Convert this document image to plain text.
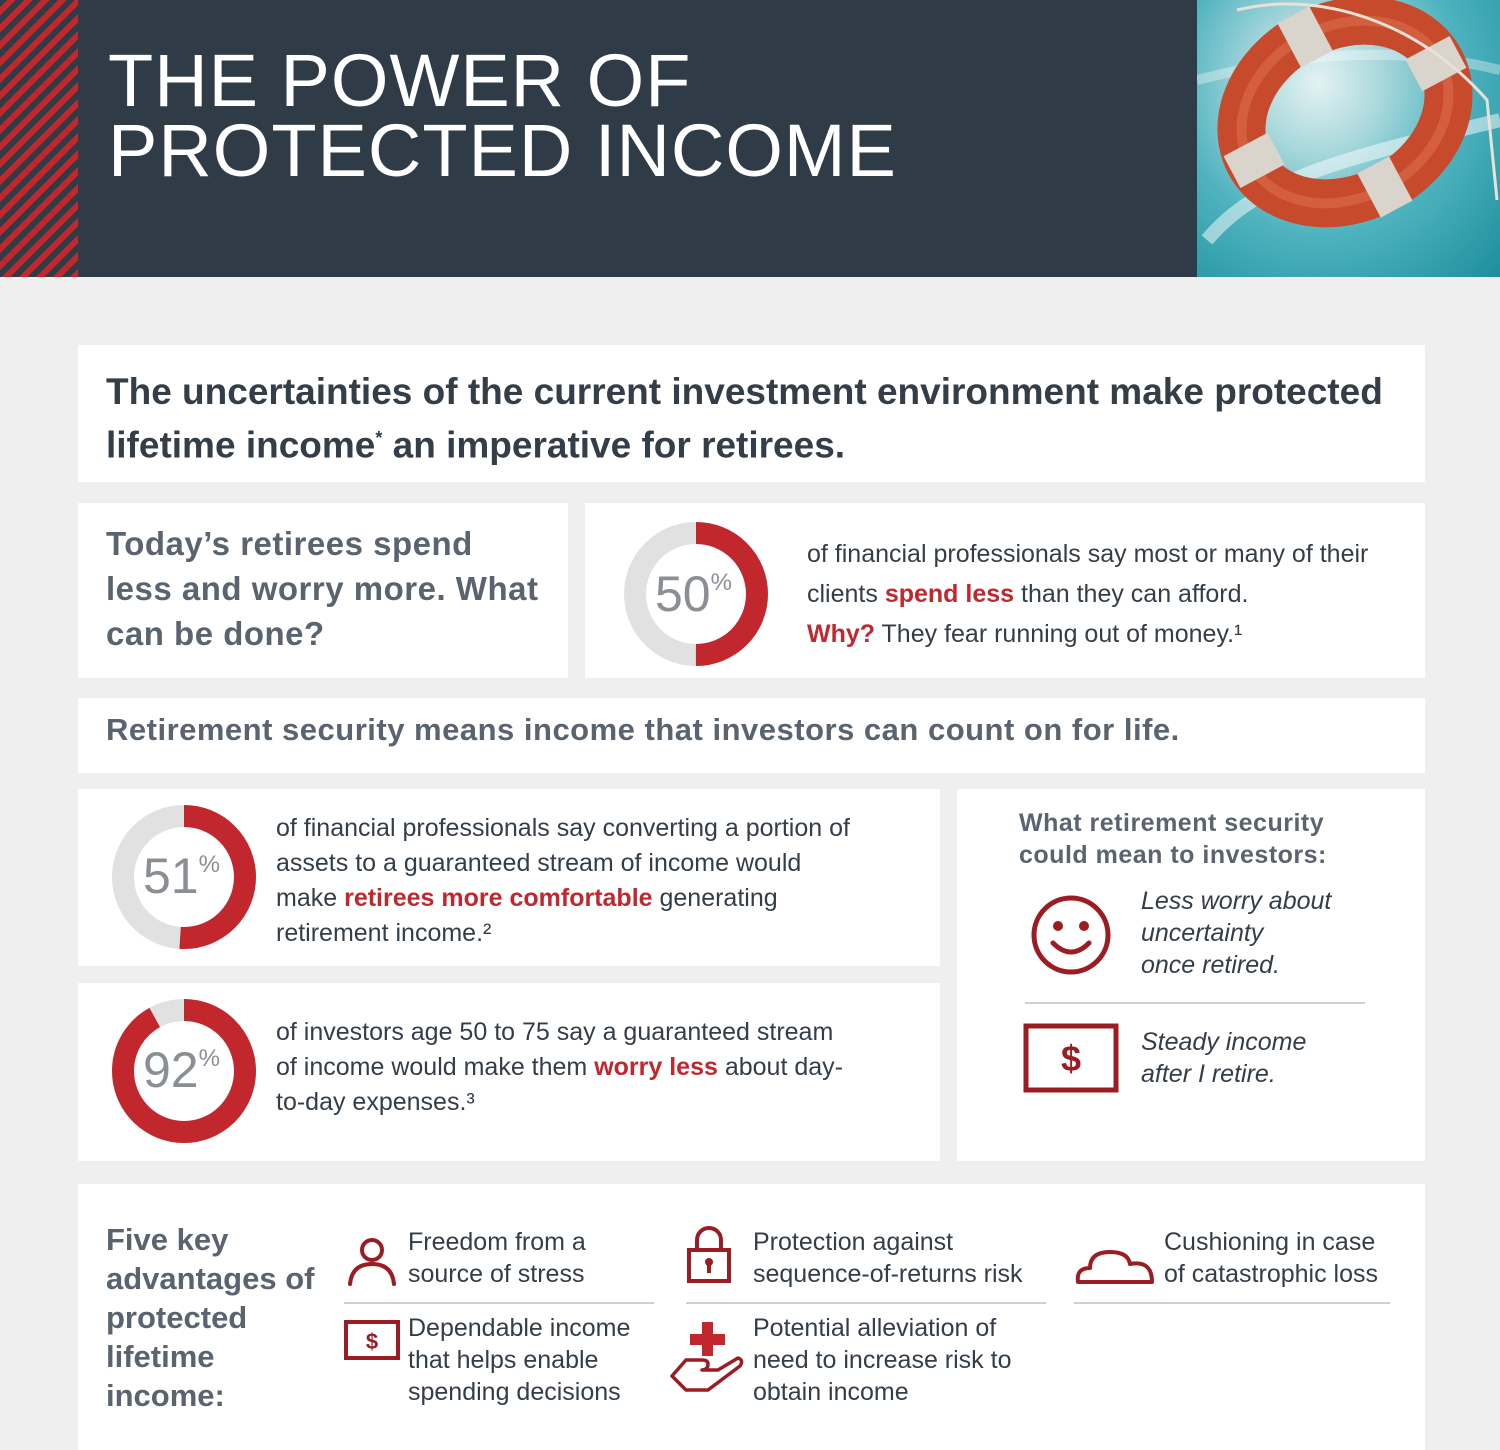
THE POWER OF
PROTECTED INCOME

The uncertainties of the current investment environment make protected lifetime income* an imperative for retirees.

Today’s retirees spend less and worry more. What can be done?

50%

of financial professionals say most or many of their clients spend less than they can afford.
Why? They fear running out of money.¹

Retirement security means income that investors can count on for life.

51%

of financial professionals say converting a portion of assets to a guaranteed stream of income would make retirees more comfortable generating retirement income.²

92%

of investors age 50 to 75 say a guaranteed stream of income would make them worry less about day-to-day expenses.³

What retirement security could mean to investors:

Less worry about
uncertainty
once retired.

$ Steady income
after I retire.

Five key advantages of protected lifetime income:

Freedom from a
source of stress

Protection against
sequence-of-returns risk

Cushioning in case
of catastrophic loss

$ Dependable income
that helps enable
spending decisions

Potential alleviation of
need to increase risk to
obtain income
